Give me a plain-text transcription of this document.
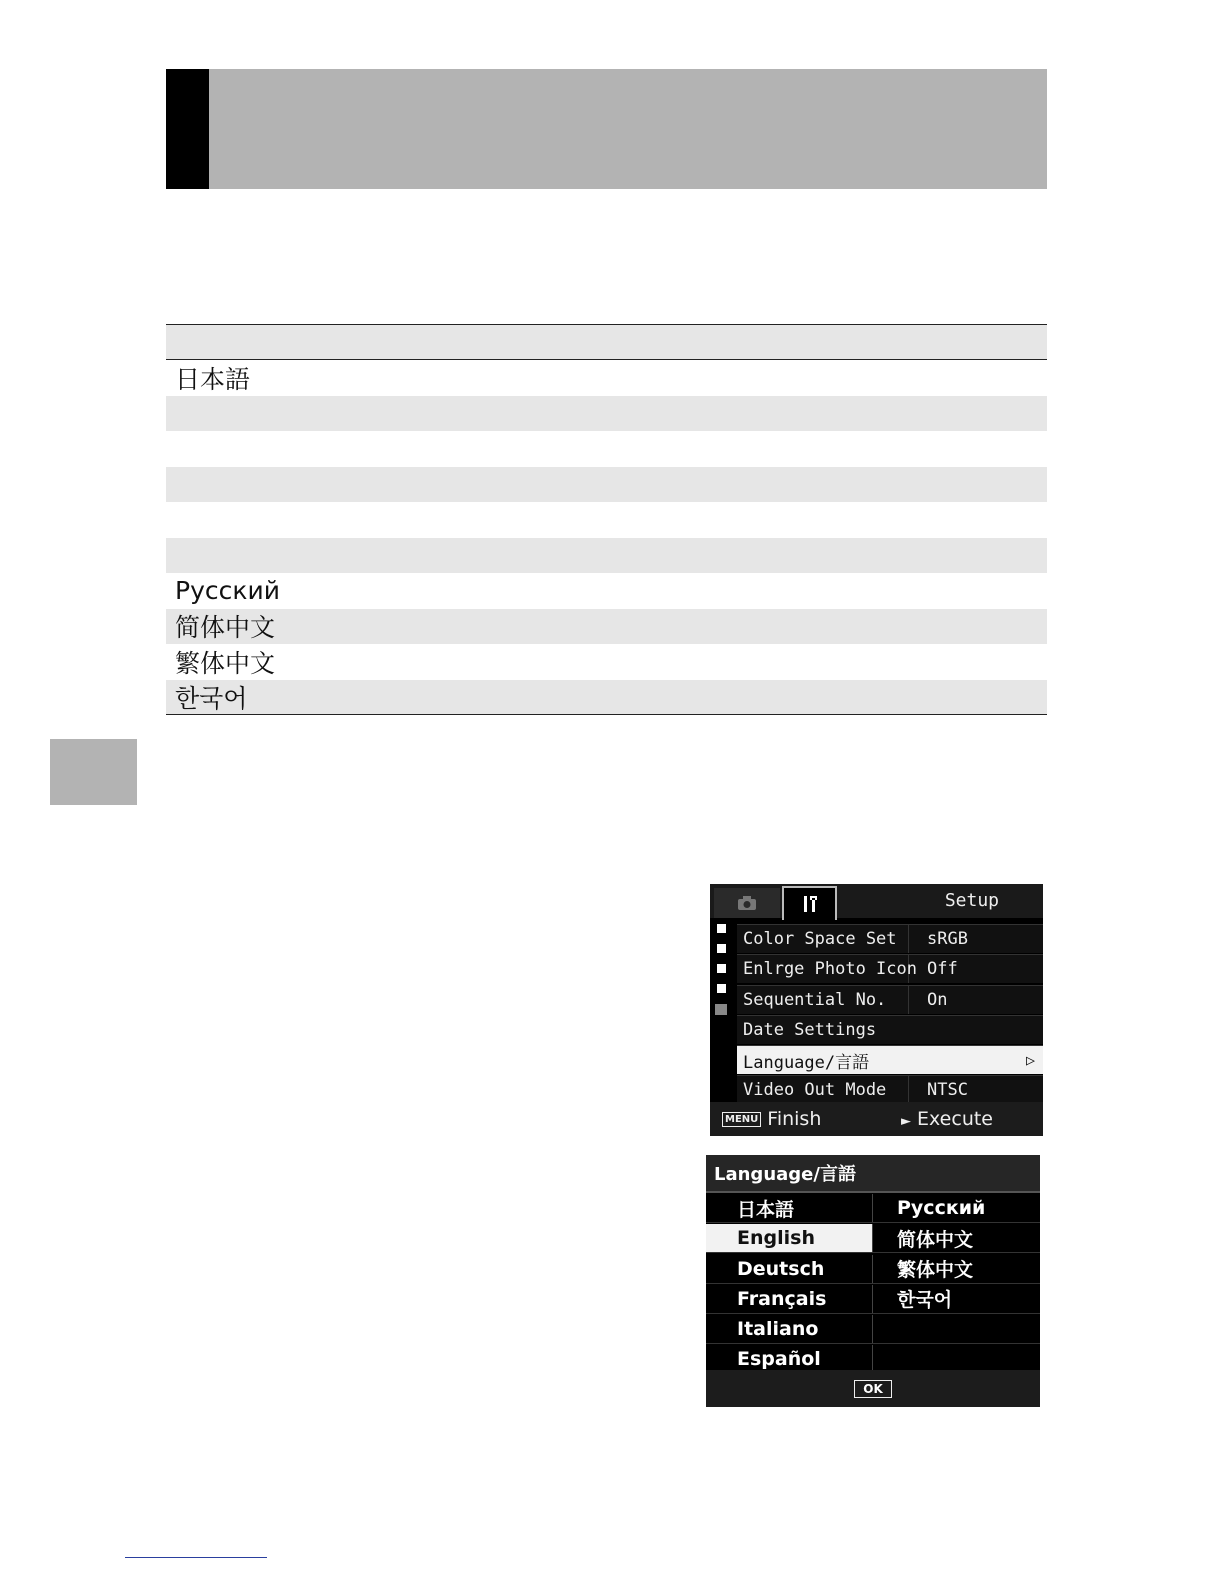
日本語
Русский
简体中文
繁体中文
한국어
Setup
Color Space Set	sRGB
Enlrge Photo Icon Off
Sequential No.	On
Date Settings
Language/言語	▷
Video Out Mode	NTSC
MENU Finish	► Execute
Language/言語
日本語	Русский
English	简体中文
Deutsch	繁体中文
Français	한국어
Italiano
Español
OK
